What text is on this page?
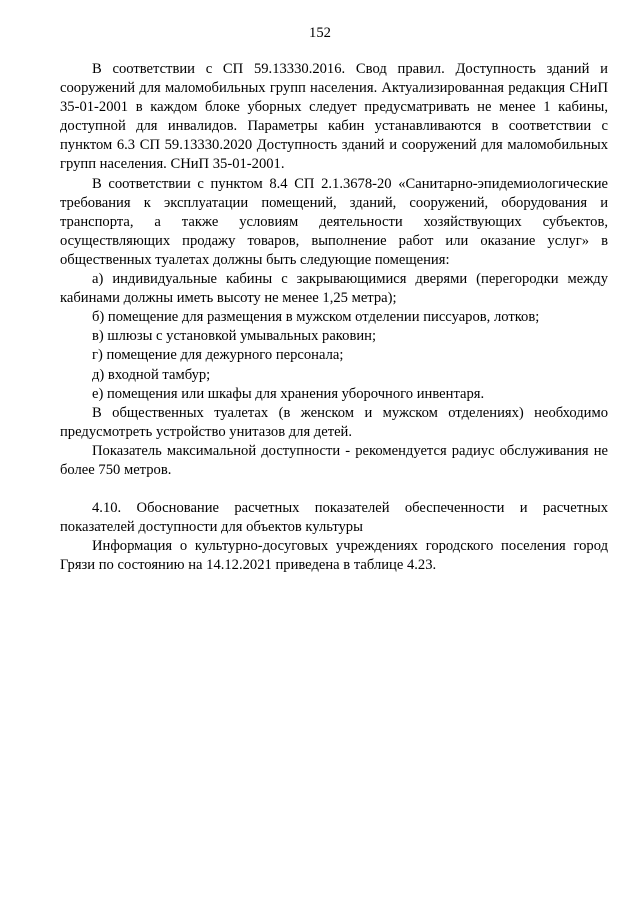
152

В соответствии с СП 59.13330.2016. Свод правил. Доступность зданий и сооружений для маломобильных групп населения. Актуализированная редакция СНиП 35-01-2001 в каждом блоке уборных следует предусматривать не менее 1 кабины, доступной для инвалидов. Параметры кабин устанавливаются в соответствии с пунктом 6.3 СП 59.13330.2020 Доступность зданий и сооружений для маломобильных групп населения. СНиП 35-01-2001.

В соответствии с пунктом 8.4 СП 2.1.3678-20 «Санитарно-эпидемиологические требования к эксплуатации помещений, зданий, сооружений, оборудования и транспорта, а также условиям деятельности хозяйствующих субъектов, осуществляющих продажу товаров, выполнение работ или оказание услуг» в общественных туалетах должны быть следующие помещения:

а) индивидуальные кабины с закрывающимися дверями (перегородки между кабинами должны иметь высоту не менее 1,25 метра);

б) помещение для размещения в мужском отделении писсуаров, лотков;

в) шлюзы с установкой умывальных раковин;

г) помещение для дежурного персонала;

д) входной тамбур;

е) помещения или шкафы для хранения уборочного инвентаря.

В общественных туалетах (в женском и мужском отделениях) необходимо предусмотреть устройство унитазов для детей.

Показатель максимальной доступности - рекомендуется радиус обслуживания не более 750 метров.

4.10. Обоснование расчетных показателей обеспеченности и расчетных показателей доступности для объектов культуры

Информация о культурно-досуговых учреждениях городского поселения город Грязи по состоянию на 14.12.2021 приведена в таблице 4.23.
